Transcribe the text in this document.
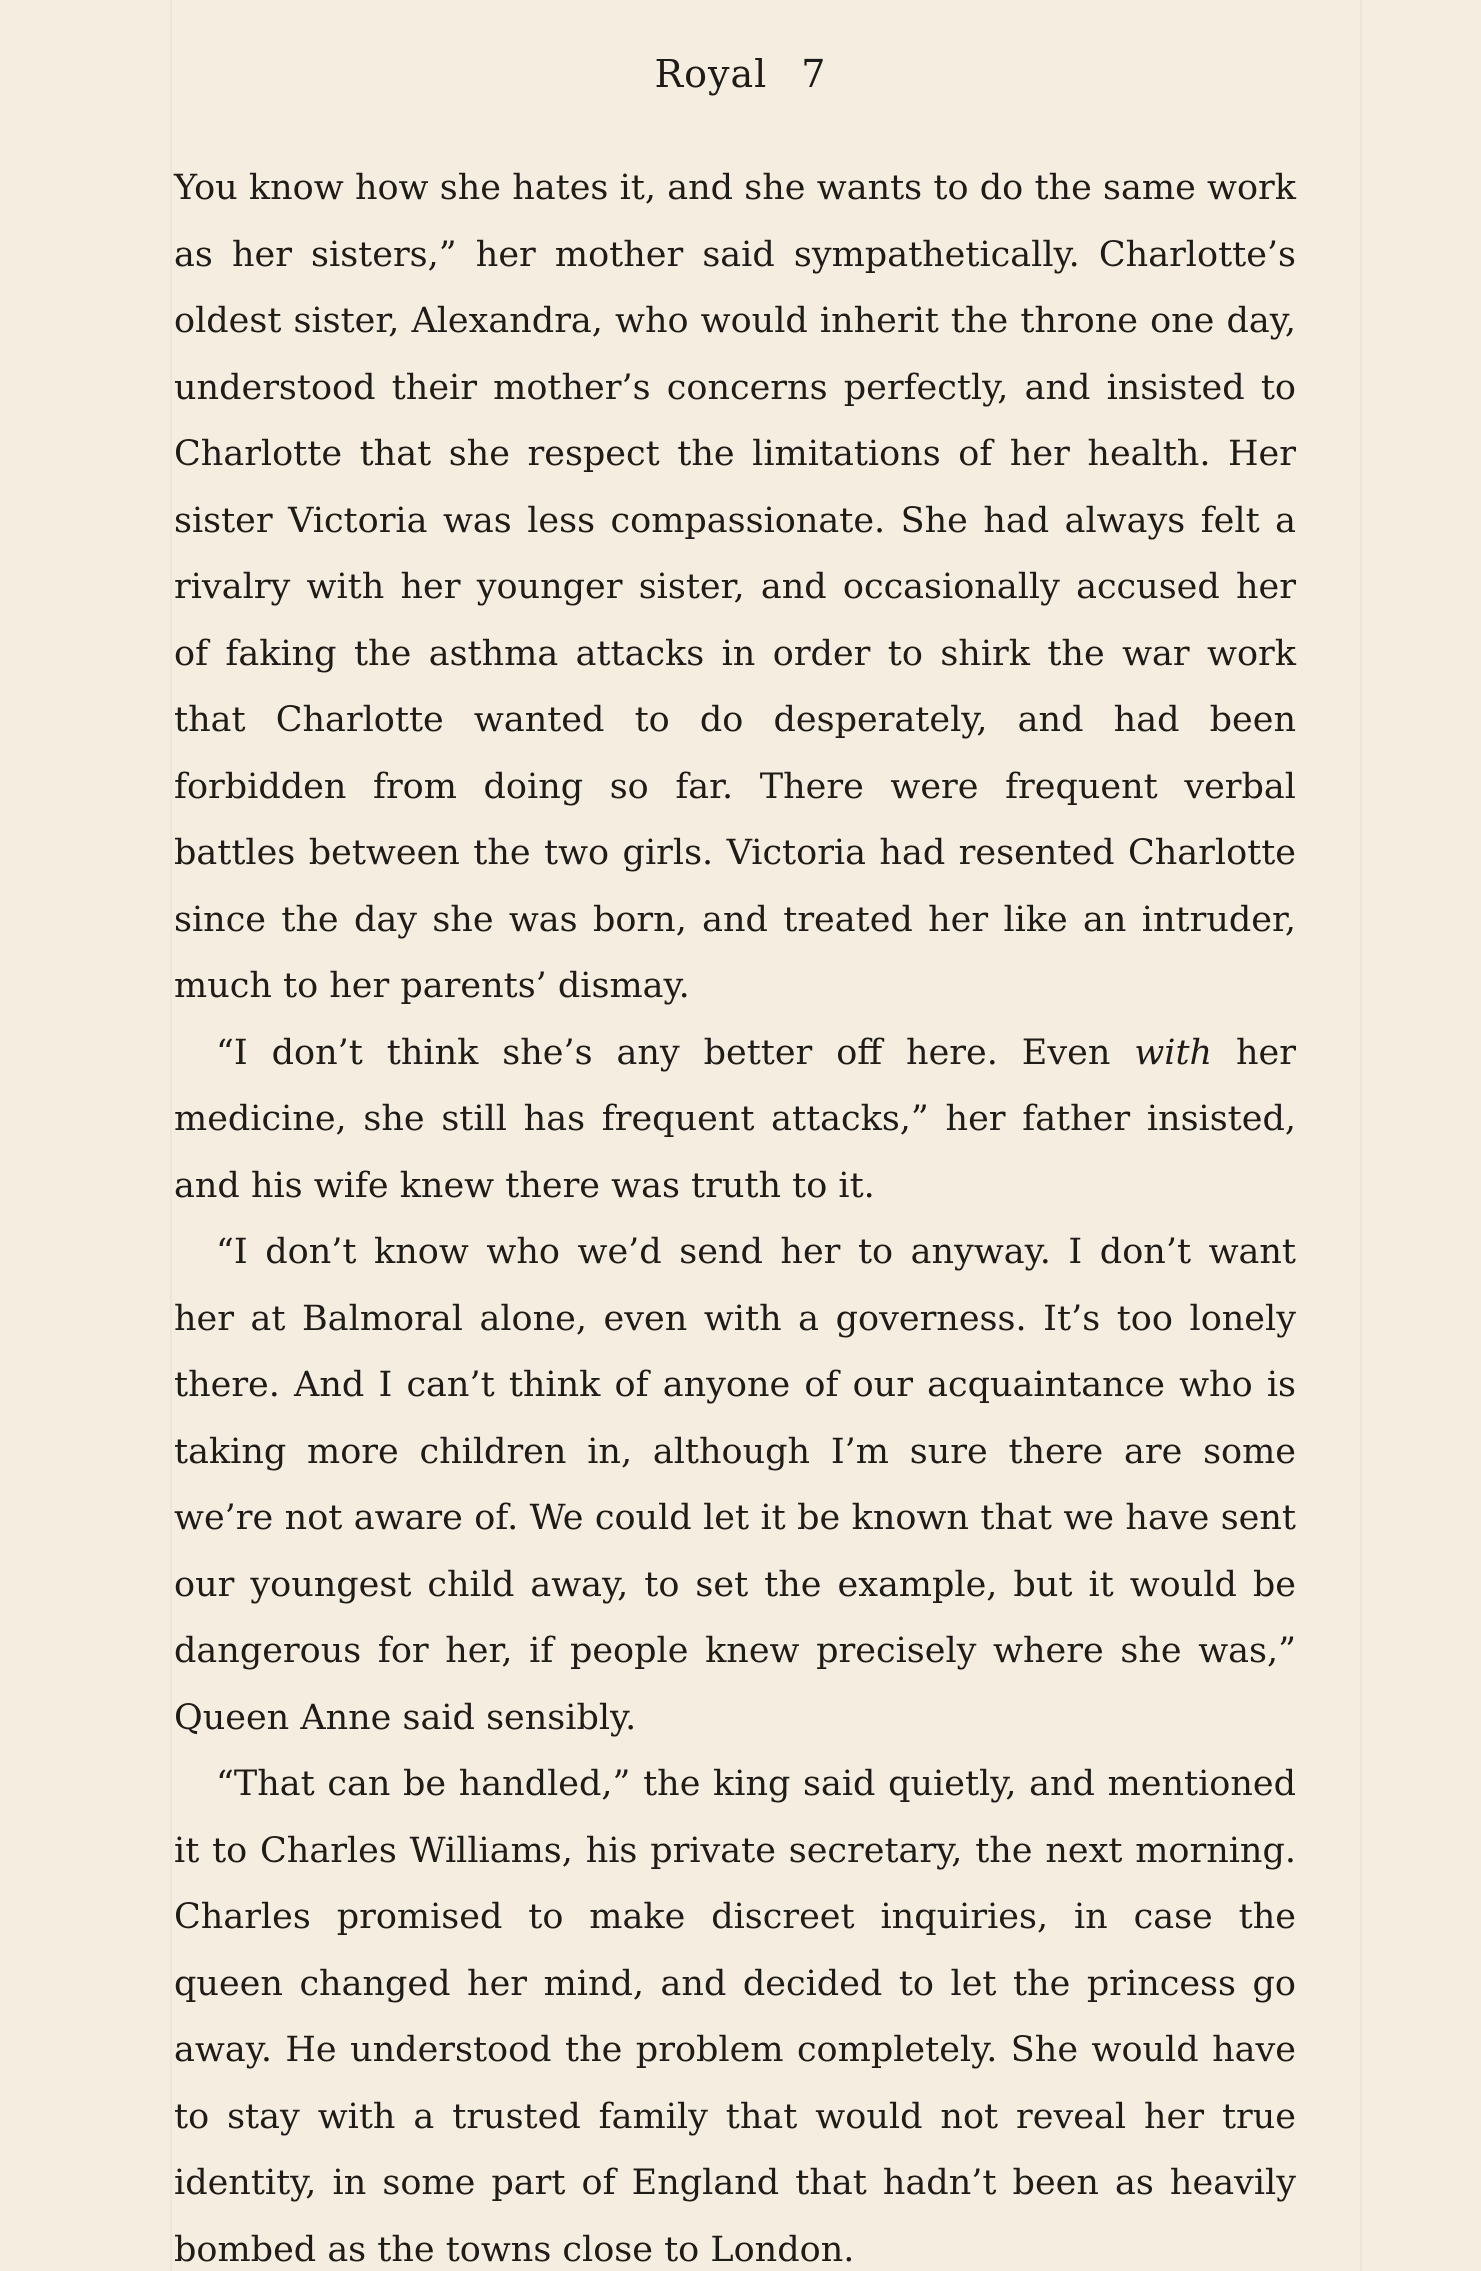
Royal 7

You know how she hates it, and she wants to do the same work as her sisters,” her mother said sympathetically. Charlotte’s oldest sister, Alexandra, who would inherit the throne one day, understood their mother’s concerns perfectly, and insisted to Charlotte that she respect the limitations of her health. Her sister Victoria was less compassionate. She had always felt a rivalry with her younger sister, and occasionally accused her of faking the asthma attacks in order to shirk the war work that Charlotte wanted to do desperately, and had been forbidden from doing so far. There were frequent verbal battles between the two girls. Victoria had resented Charlotte since the day she was born, and treated her like an intruder, much to her parents’ dismay.

“I don’t think she’s any better off here. Even with her medicine, she still has frequent attacks,” her father insisted, and his wife knew there was truth to it.

“I don’t know who we’d send her to anyway. I don’t want her at Balmoral alone, even with a governess. It’s too lonely there. And I can’t think of anyone of our acquaintance who is taking more children in, although I’m sure there are some we’re not aware of. We could let it be known that we have sent our youngest child away, to set the example, but it would be dangerous for her, if people knew precisely where she was,” Queen Anne said sensibly.

“That can be handled,” the king said quietly, and mentioned it to Charles Williams, his private secretary, the next morning. Charles promised to make discreet inquiries, in case the queen changed her mind, and decided to let the princess go away. He understood the problem completely. She would have to stay with a trusted family that would not reveal her true identity, in some part of England that hadn’t been as heavily bombed as the towns close to London.
